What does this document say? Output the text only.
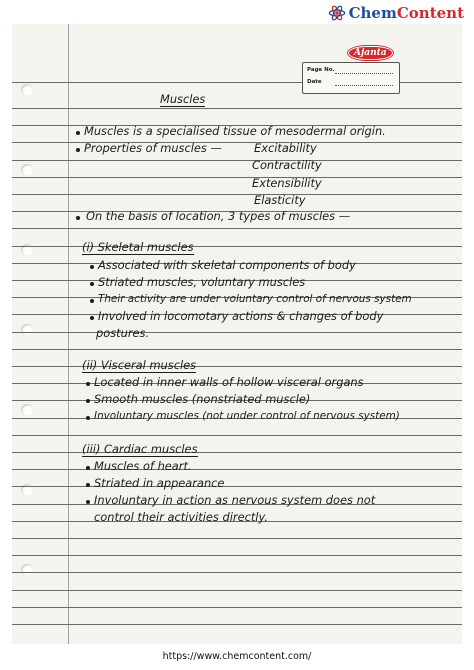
Chem Content
Ajanta
Page No.
Date
Muscles
Muscles is a specialised tissue of mesodermal origin.
Properties of muscles —	Excitability
Contractility
Extensibility
Elasticity
On the basis of location, 3 types of muscles —
(i) Skeletal muscles
Associated with skeletal components of body
Striated muscles, voluntary muscles
Their activity are under voluntary control of nervous system
Involved in locomotary actions & changes of body
postures.
(ii) Visceral muscles
Located in inner walls of hollow visceral organs
Smooth muscles (nonstriated muscle)
Involuntary muscles (not under control of nervous system)
(iii) Cardiac muscles
Muscles of heart.
Striated in appearance
Involuntary in action as nervous system does not
control their activities directly.
https://www.chemcontent.com/
